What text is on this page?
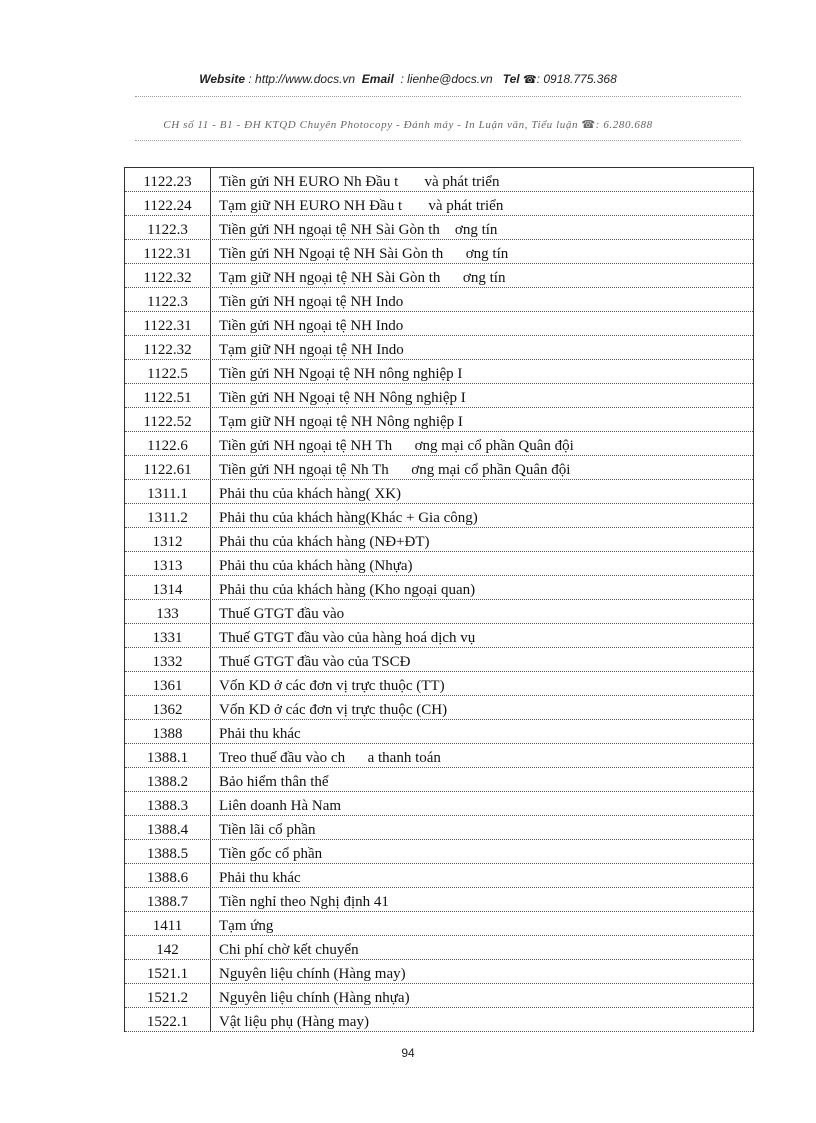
Website : http://www.docs.vn Email : lienhe@docs.vn Tel ☎: 0918.775.368
CH số 11 - B1 - ĐH KTQD Chuyên Photocopy - Đánh máy - In Luận văn, Tiểu luận ☎: 6.280.688
1122.23	Tiền gửi NH EURO Nh Đầu t       và phát triển
1122.24	Tạm giữ NH EURO NH Đầu t       và phát triển
1122.3	Tiền gửi NH ngoại tệ NH Sài Gòn th    ơng tín
1122.31	Tiền gửi NH Ngoại tệ NH Sài Gòn th      ơng tín
1122.32	Tạm giữ NH ngoại tệ NH Sài Gòn th      ơng tín
1122.3	Tiền gửi NH ngoại tệ NH Indo
1122.31	Tiền gửi NH ngoại tệ NH Indo
1122.32	Tạm giữ NH ngoại tệ NH Indo
1122.5	Tiền gửi NH Ngoại tệ NH nông nghiệp I
1122.51	Tiền gửi NH Ngoại tệ NH Nông nghiệp I
1122.52	Tạm giữ NH ngoại tệ NH Nông nghiệp I
1122.6	Tiền gửi NH ngoại tệ NH Th      ơng mại cổ phần Quân đội
1122.61	Tiền gửi NH ngoại tệ Nh Th      ơng mại cổ phần Quân đội
1311.1	Phải thu của khách hàng( XK)
1311.2	Phải thu của khách hàng(Khác + Gia công)
1312	Phải thu của khách hàng (NĐ+ĐT)
1313	Phải thu của khách hàng (Nhựa)
1314	Phải thu của khách hàng (Kho ngoại quan)
133	Thuế GTGT đầu vào
1331	Thuế GTGT đầu vào của hàng hoá dịch vụ
1332	Thuế GTGT đầu vào của TSCĐ
1361	Vốn KD ở các đơn vị trực thuộc (TT)
1362	Vốn KD ở các đơn vị trực thuộc (CH)
1388	Phải thu khác
1388.1	Treo thuế đầu vào ch      a thanh toán
1388.2	Bảo hiểm thân thể
1388.3	Liên doanh Hà Nam
1388.4	Tiền lãi cổ phần
1388.5	Tiền gốc cổ phần
1388.6	Phải thu khác
1388.7	Tiền nghỉ theo Nghị định 41
1411	Tạm ứng
142	Chi phí chờ kết chuyển
1521.1	Nguyên liệu chính (Hàng may)
1521.2	Nguyên liệu chính (Hàng nhựa)
1522.1	Vật liệu phụ (Hàng may)
94
